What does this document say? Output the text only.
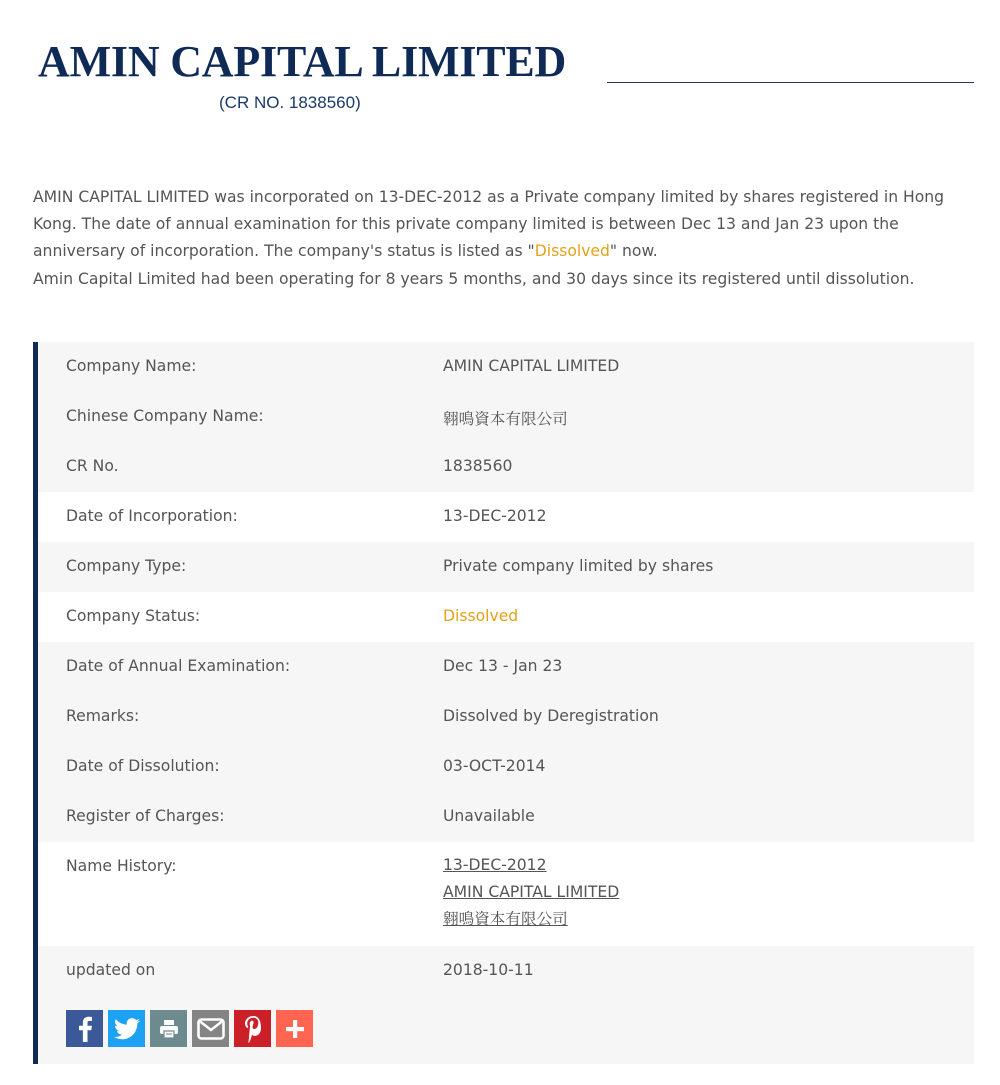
AMIN CAPITAL LIMITED
(CR NO. 1838560)

AMIN CAPITAL LIMITED was incorporated on 13-DEC-2012 as a Private company limited by shares registered in Hong Kong. The date of annual examination for this private company limited is between Dec 13 and Jan 23 upon the anniversary of incorporation. The company's status is listed as "Dissolved" now.

Amin Capital Limited had been operating for 8 years 5 months, and 30 days since its registered until dissolution.

Company Name:	AMIN CAPITAL LIMITED
Chinese Company Name:	翱鳴資本有限公司
CR No.	1838560
Date of Incorporation:	13-DEC-2012
Company Type:	Private company limited by shares
Company Status:	Dissolved
Date of Annual Examination:	Dec 13 - Jan 23
Remarks:	Dissolved by Deregistration
Date of Dissolution:	03-OCT-2014
Register of Charges:	Unavailable
Name History:	13-DEC-2012
AMIN CAPITAL LIMITED
翱鳴資本有限公司
updated on	2018-10-11
